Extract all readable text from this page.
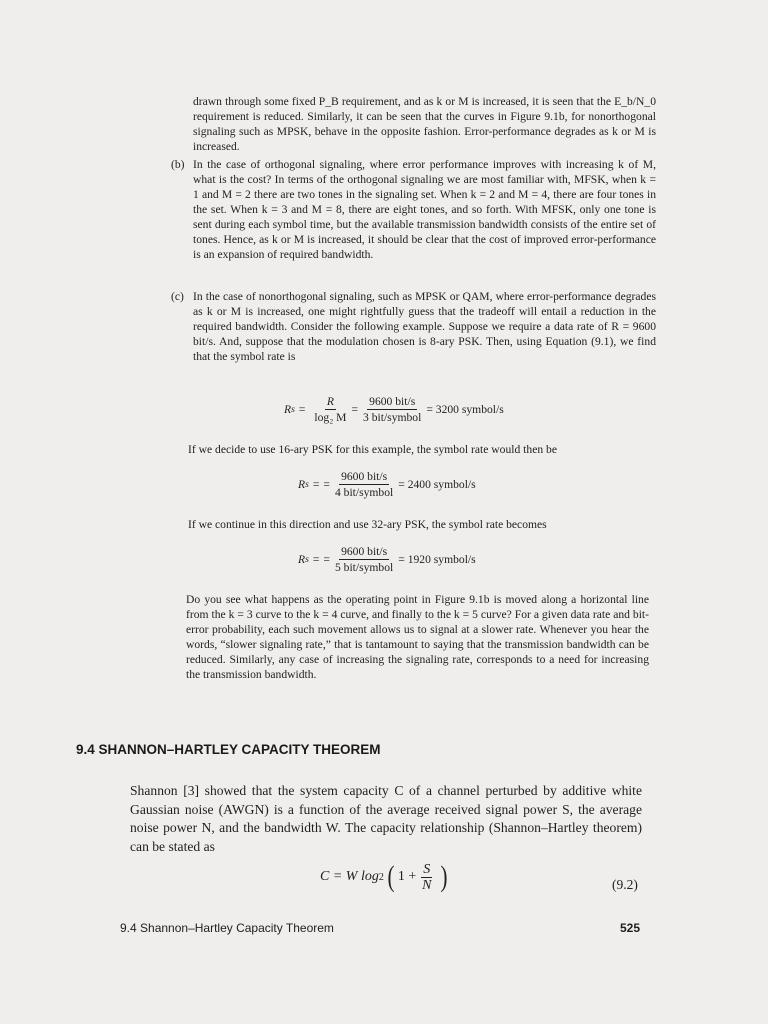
drawn through some fixed P_B requirement, and as k or M is increased, it is seen that the E_b/N_0 requirement is reduced. Similarly, it can be seen that the curves in Figure 9.1b, for nonorthogonal signaling such as MPSK, behave in the opposite fashion. Error-performance degrades as k or M is increased.

(b) In the case of orthogonal signaling, where error performance improves with increasing k of M, what is the cost? In terms of the orthogonal signaling we are most familiar with, MFSK, when k = 1 and M = 2 there are two tones in the signaling set. When k = 2 and M = 4, there are four tones in the set. When k = 3 and M = 8, there are eight tones, and so forth. With MFSK, only one tone is sent during each symbol time, but the available transmission bandwidth consists of the entire set of tones. Hence, as k or M is increased, it should be clear that the cost of improved error-performance is an expansion of required bandwidth.
(c) In the case of nonorthogonal signaling, such as MPSK or QAM, where error-performance degrades as k or M is increased, one might rightfully guess that the tradeoff will entail a reduction in the required bandwidth. Consider the following example. Suppose we require a data rate of R = 9600 bit/s. And, suppose that the modulation chosen is 8-ary PSK. Then, using Equation (9.1), we find that the symbol rate is
R $s = \frac{R}{\text{log₂ M}} = \frac{\text{9600 bit/s}}{\text{3 bit/symbol}} = 3200$ symbol/s

If we decide to use 16-ary PSK for this example, the symbol rate would then be

R s = = $\frac{\text{9600 bit/s}}{\text{4 bit/symbol}} = 2400$ symbol/s

If we continue in this direction and use 32-ary PSK, the symbol rate becomes

R s = = $\frac{\text{9600 bit/s}}{\text{5 bit/symbol}} = 1920$ symbol/s

Do you see what happens as the operating point in Figure 9.1b is moved along a horizontal line from the k = 3 curve to the k = 4 curve, and finally to the k = 5 curve? For a given data rate and bit-error probability, each such movement allows us to signal at a slower rate. Whenever you hear the words, “slower signaling rate,” that is tantamount to saying that the transmission bandwidth can be reduced. Similarly, any case of increasing the signaling rate, corresponds to a need for increasing the transmission bandwidth.

9.4 SHANNON–HARTLEY CAPACITY THEOREM
Shannon [3] showed that the system capacity C of a channel perturbed by additive white Gaussian noise (AWGN) is a function of the average received signal power S, the average noise power N, and the bandwidth W. The capacity relationship (Shannon–Hartley theorem) can be stated as
C = W log 2 ( $1 + \frac{S}{N}$ )	(9.2)
9.4 Shannon–Hartley Capacity Theorem	525
